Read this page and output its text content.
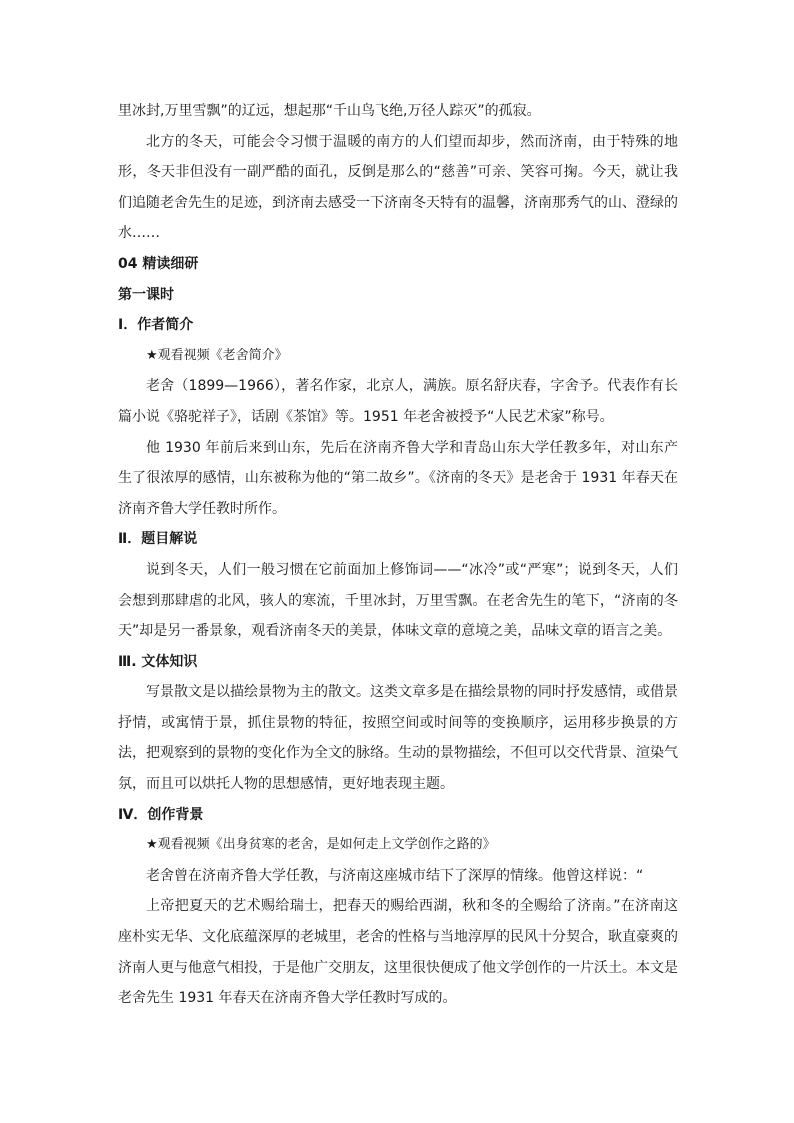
里冰封,万里雪飘”的辽远，想起那“千山鸟飞绝,万径人踪灭”的孤寂。

北方的冬天，可能会令习惯于温暖的南方的人们望而却步，然而济南，由于特殊的地形，冬天非但没有一副严酷的面孔，反倒是那么的“慈善”可亲、笑容可掬。今天，就让我们追随老舍先生的足迹，到济南去感受一下济南冬天特有的温馨，济南那秀气的山、澄绿的水……

04 精读细研

第一课时

Ⅰ．作者简介

★观看视频《老舍简介》

老舍（1899—1966），著名作家，北京人，满族。原名舒庆春，字舍予。代表作有长篇小说《骆驼祥子》，话剧《茶馆》等。1951 年老舍被授予“人民艺术家”称号。

他 1930 年前后来到山东，先后在济南齐鲁大学和青岛山东大学任教多年，对山东产生了很浓厚的感情，山东被称为他的“第二故乡”。《济南的冬天》是老舍于 1931 年春天在济南齐鲁大学任教时所作。

Ⅱ．题目解说

说到冬天，人们一般习惯在它前面加上修饰词——“冰冷”或“严寒”；说到冬天，人们会想到那肆虐的北风，骇人的寒流，千里冰封，万里雪飘。在老舍先生的笔下，“济南的冬天”却是另一番景象，观看济南冬天的美景，体味文章的意境之美，品味文章的语言之美。

Ⅲ. 文体知识

写景散文是以描绘景物为主的散文。这类文章多是在描绘景物的同时抒发感情，或借景抒情，或寓情于景，抓住景物的特征，按照空间或时间等的变换顺序，运用移步换景的方法，把观察到的景物的变化作为全文的脉络。生动的景物描绘，不但可以交代背景、渲染气氛，而且可以烘托人物的思想感情，更好地表现主题。

Ⅳ．创作背景

★观看视频《出身贫寒的老舍，是如何走上文学创作之路的》

老舍曾在济南齐鲁大学任教，与济南这座城市结下了深厚的情缘。他曾这样说：“

上帝把夏天的艺术赐给瑞士，把春天的赐给西湖，秋和冬的全赐给了济南。”在济南这座朴实无华、文化底蕴深厚的老城里，老舍的性格与当地淳厚的民风十分契合，耿直豪爽的济南人更与他意气相投，于是他广交朋友，这里很快便成了他文学创作的一片沃土。本文是老舍先生 1931 年春天在济南齐鲁大学任教时写成的。
